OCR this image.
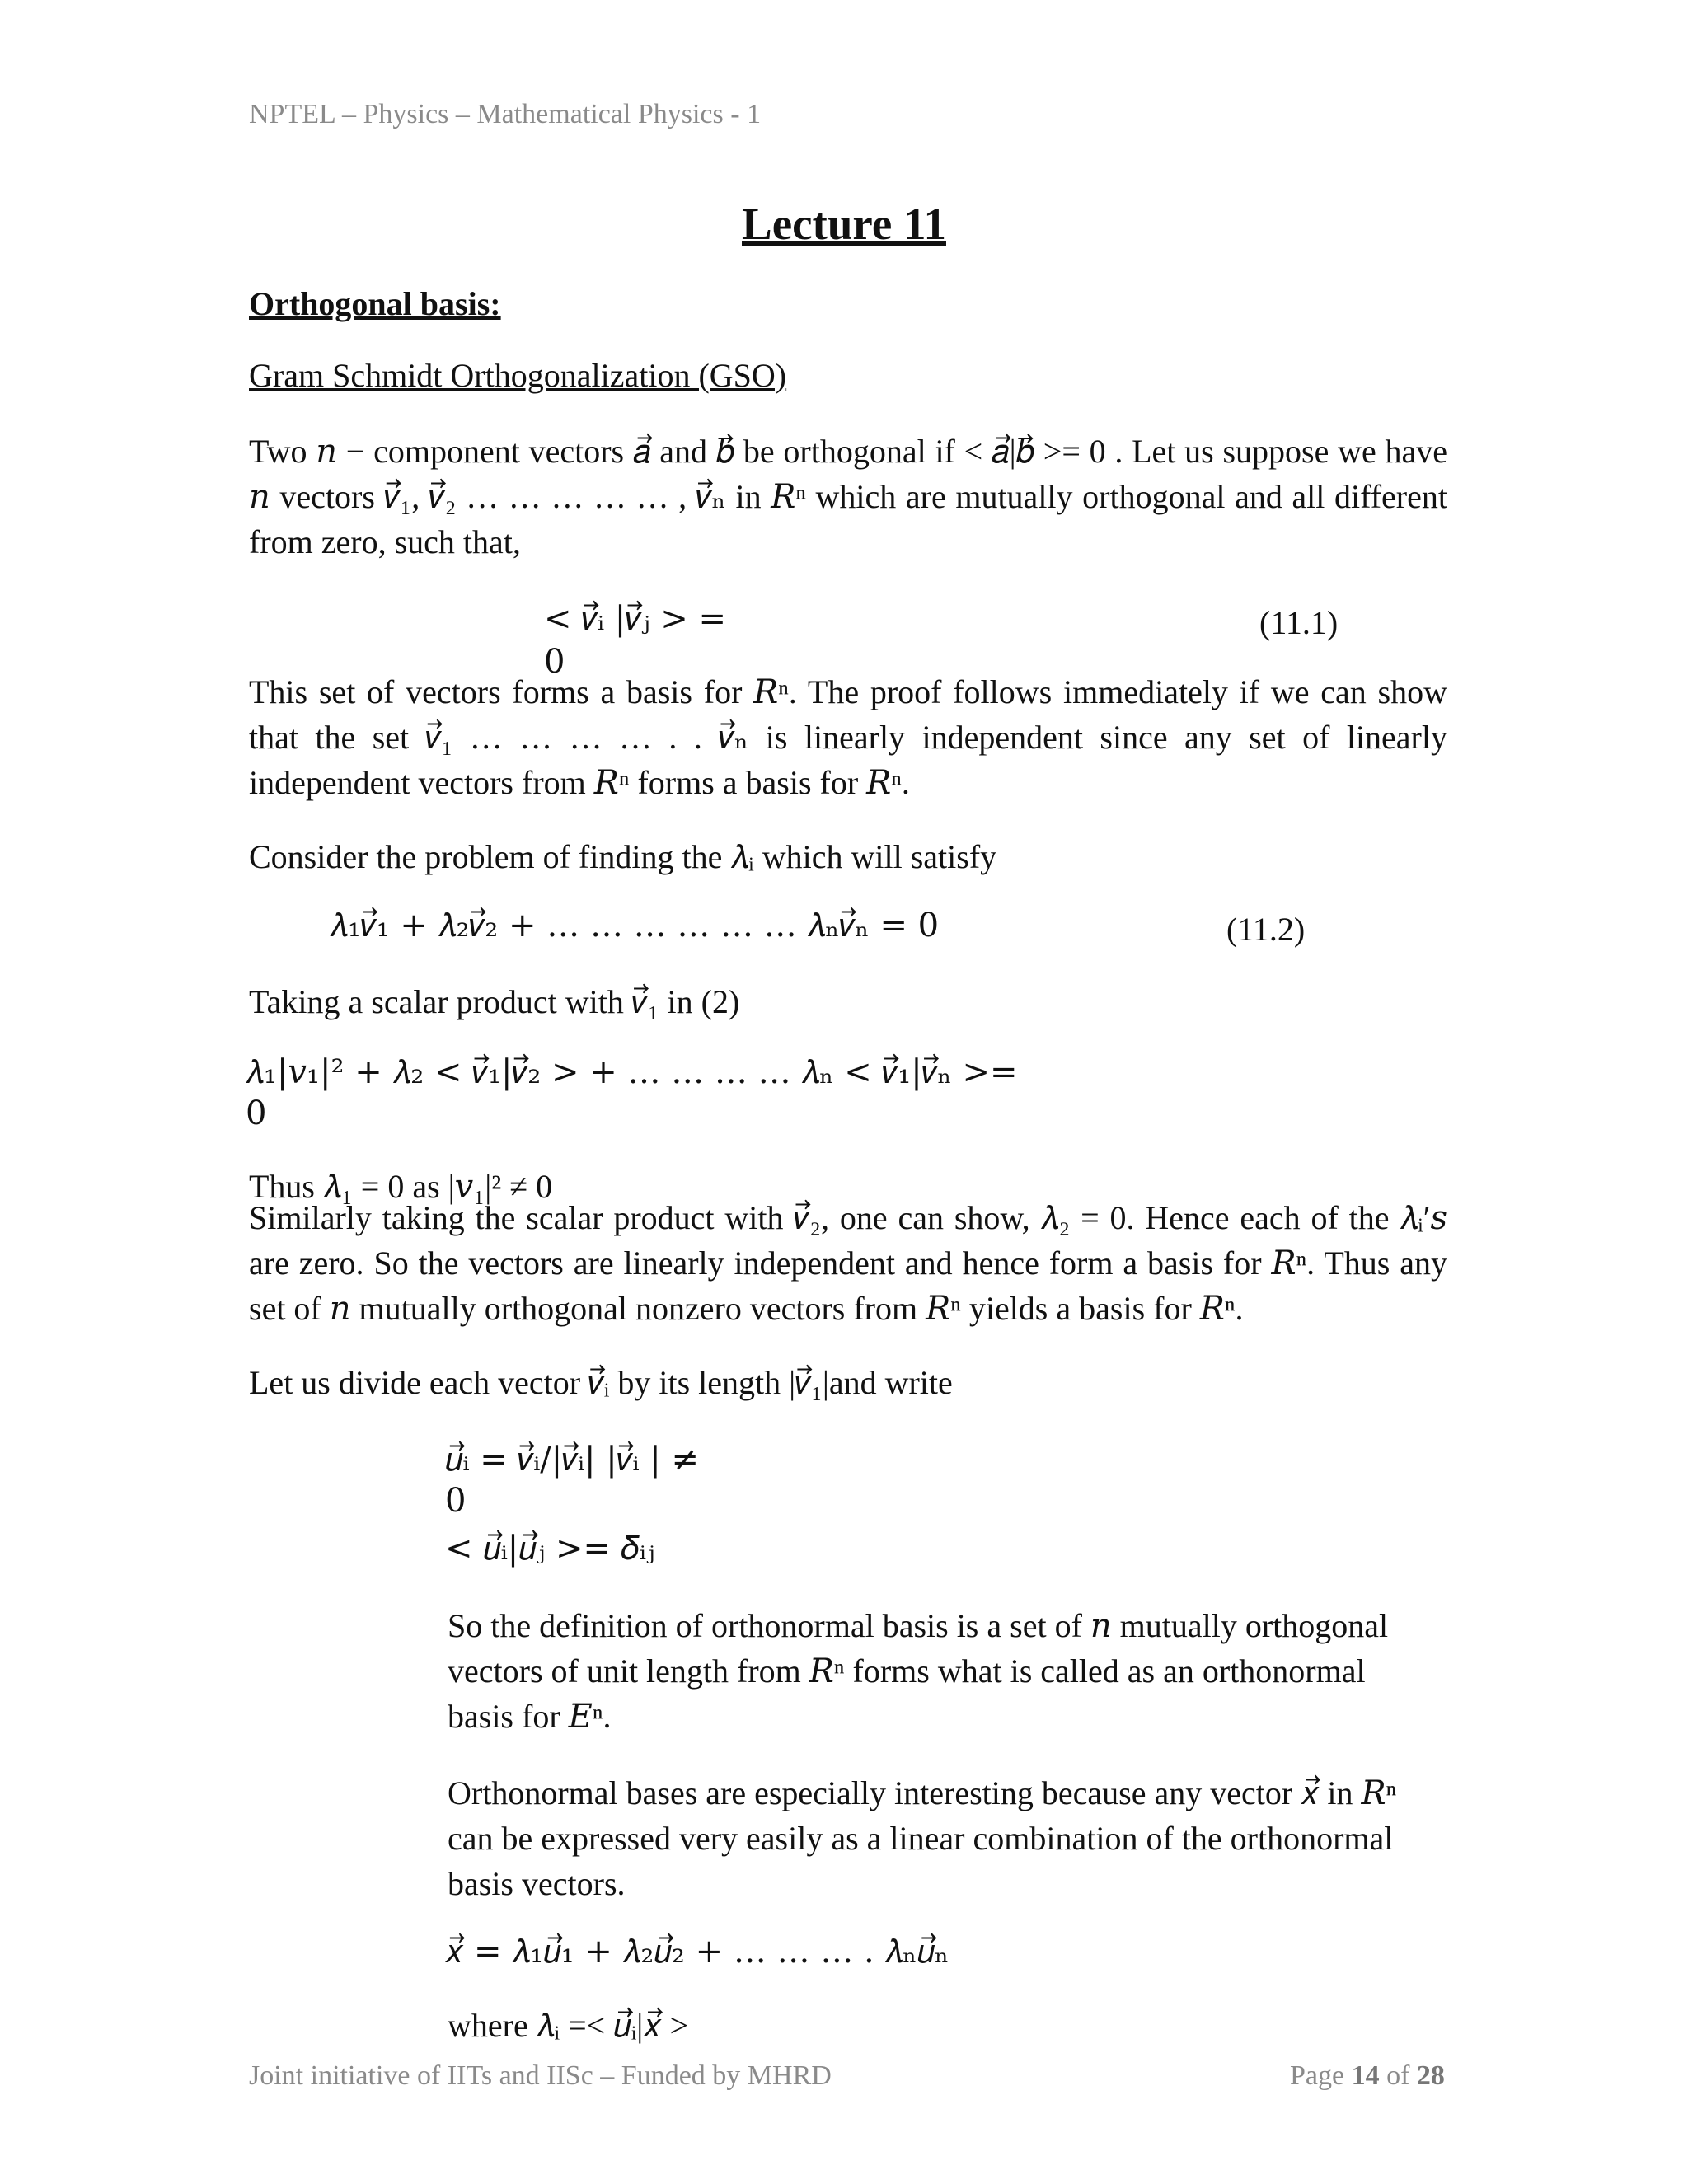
NPTEL – Physics – Mathematical Physics - 1
Lecture 11
Orthogonal basis:
Gram Schmidt Orthogonalization (GSO)
Two 𝑛 − component vectors 𝑎⃗ and 𝑏⃗⃗ be orthogonal if < 𝑎⃗|𝑏⃗⃗ >= 0 . Let us suppose we have 𝑛 vectors 𝑣⃗₁, 𝑣⃗₂ … … … … … , 𝑣⃗ₙ in 𝑅ⁿ which are mutually orthogonal and all different from zero, such that,
< 𝑣⃗ᵢ |𝑣⃗ⱼ > =
0
(11.1)
This set of vectors forms a basis for 𝑅ⁿ. The proof follows immediately if we can show that the set 𝑣⃗₁ … … … … . . 𝑣⃗ₙ is linearly independent since any set of linearly independent vectors from 𝑅ⁿ forms a basis for 𝑅ⁿ.
Consider the problem of finding the 𝜆ᵢ which will satisfy
𝜆₁𝑣⃗₁ + 𝜆₂𝑣⃗₂ + … … … … … … 𝜆ₙ𝑣⃗ₙ = 0	(11.2)
Taking a scalar product with 𝑣⃗₁ in (2)
𝜆₁|𝑣₁|² + 𝜆₂ < 𝑣⃗₁|𝑣⃗₂ > + … … … … 𝜆ₙ < 𝑣⃗₁|𝑣⃗ₙ >=
0
Thus 𝜆₁ = 0 as |𝑣₁|² ≠ 0
Similarly taking the scalar product with 𝑣⃗₂, one can show, 𝜆₂ = 0. Hence each of the 𝜆ᵢ′𝑠 are zero. So the vectors are linearly independent and hence form a basis for 𝑅ⁿ. Thus any set of 𝑛 mutually orthogonal nonzero vectors from 𝑅ⁿ yields a basis for 𝑅ⁿ.
Let us divide each vector 𝑣⃗ᵢ by its length |𝑣⃗₁|and write
𝑢⃗⃗ᵢ = 𝑣⃗ᵢ/|𝑣⃗ᵢ| |𝑣⃗ᵢ | ≠
0
< 𝑢⃗⃗ᵢ|𝑢⃗⃗ⱼ >= 𝛿ᵢⱼ
So the definition of orthonormal basis is a set of 𝑛 mutually orthogonal vectors of unit length from 𝑅ⁿ forms what is called as an orthonormal basis for 𝐸ⁿ.
Orthonormal bases are especially interesting because any vector 𝑥⃗ in 𝑅ⁿ can be expressed very easily as a linear combination of the orthonormal basis vectors.
𝑥⃗ = 𝜆₁𝑢⃗⃗₁ + 𝜆₂𝑢⃗⃗₂ + … … … . 𝜆ₙ𝑢⃗⃗ₙ
where 𝜆ᵢ =< 𝑢⃗⃗ᵢ|𝑥⃗ >
Joint initiative of IITs and IISc – Funded by MHRD	Page 14 of 28
